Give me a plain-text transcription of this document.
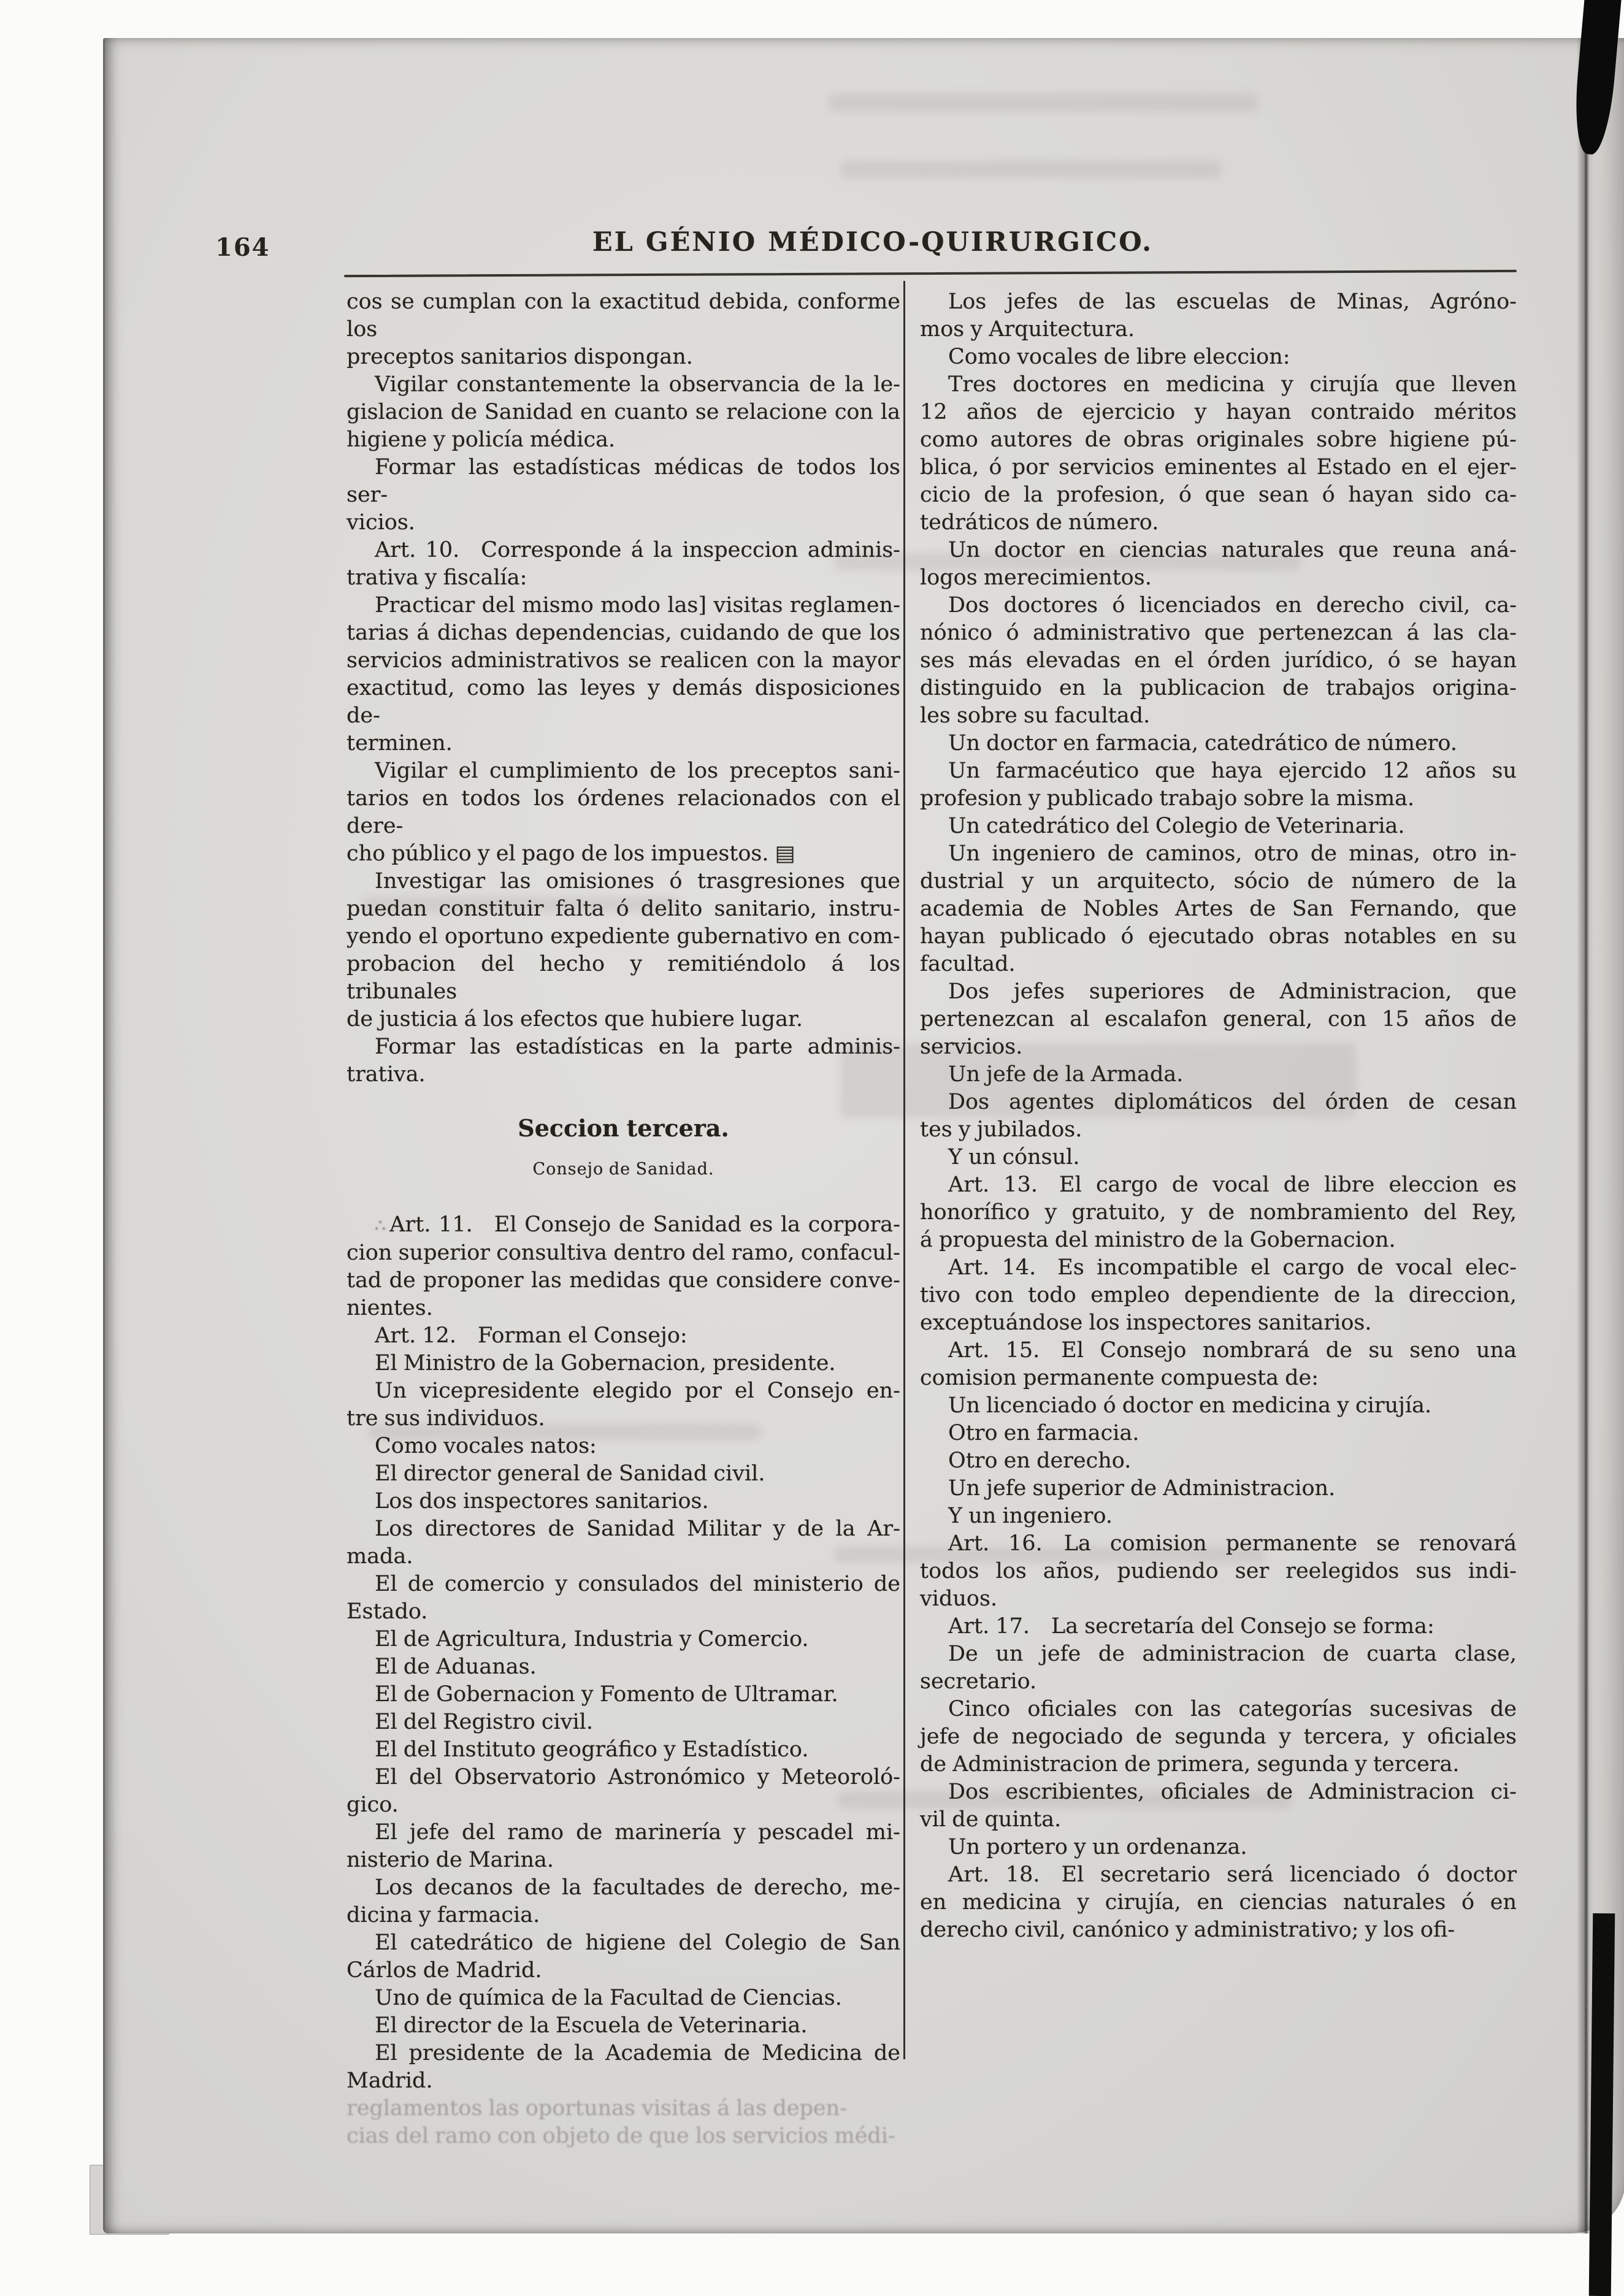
164	EL GÉNIO MÉDICO-QUIRURGICO.
cos se cumplan con la exactitud debida, conforme los
preceptos sanitarios dispongan.
Vigilar constantemente la observancia de la le-
gislacion de Sanidad en cuanto se relacione con la
higiene y policía médica.
Formar las estadísticas médicas de todos los ser-
vicios.
Art. 10. Corresponde á la inspeccion adminis-
trativa y fiscalía:
Practicar del mismo modo las] visitas reglamen-
tarias á dichas dependencias, cuidando de que los
servicios administrativos se realicen con la mayor
exactitud, como las leyes y demás disposiciones de-
terminen.
Vigilar el cumplimiento de los preceptos sani-
tarios en todos los órdenes relacionados con el dere-
cho público y el pago de los impuestos. ▤
Investigar las omisiones ó trasgresiones que
puedan constituir falta ó delito sanitario, instru-
yendo el oportuno expediente gubernativo en com-
probacion del hecho y remitiéndolo á los tribunales
de justicia á los efectos que hubiere lugar.
Formar las estadísticas en la parte adminis-
trativa.
Seccion tercera.
Consejo de Sanidad.
∴ Art. 11. El Consejo de Sanidad es la corpora-
cion superior consultiva dentro del ramo, confacul-
tad de proponer las medidas que considere conve-
nientes.
Art. 12. Forman el Consejo:
El Ministro de la Gobernacion, presidente.
Un vicepresidente elegido por el Consejo en-
tre sus individuos.
Como vocales natos:
El director general de Sanidad civil.
Los dos inspectores sanitarios.
Los directores de Sanidad Militar y de la Ar-
mada.
El de comercio y consulados del ministerio de
Estado.
El de Agricultura, Industria y Comercio.
El de Aduanas.
El de Gobernacion y Fomento de Ultramar.
El del Registro civil.
El del Instituto geográfico y Estadístico.
El del Observatorio Astronómico y Meteoroló-
gico.
El jefe del ramo de marinería y pescadel mi-
nisterio de Marina.
Los decanos de la facultades de derecho, me-
dicina y farmacia.
El catedrático de higiene del Colegio de San
Cárlos de Madrid.
Uno de química de la Facultad de Ciencias.
El director de la Escuela de Veterinaria.
El presidente de la Academia de Medicina de
Madrid.
reglamentos las oportunas visitas á las depen-
cias del ramo con objeto de que los servicios médi-
Los jefes de las escuelas de Minas, Agróno-
mos y Arquitectura.
Como vocales de libre eleccion:
Tres doctores en medicina y cirujía que lleven
12 años de ejercicio y hayan contraido méritos
como autores de obras originales sobre higiene pú-
blica, ó por servicios eminentes al Estado en el ejer-
cicio de la profesion, ó que sean ó hayan sido ca-
tedráticos de número.
Un doctor en ciencias naturales que reuna aná-
logos merecimientos.
Dos doctores ó licenciados en derecho civil, ca-
nónico ó administrativo que pertenezcan á las cla-
ses más elevadas en el órden jurídico, ó se hayan
distinguido en la publicacion de trabajos origina-
les sobre su facultad.
Un doctor en farmacia, catedrático de número.
Un farmacéutico que haya ejercido 12 años su
profesion y publicado trabajo sobre la misma.
Un catedrático del Colegio de Veterinaria.
Un ingeniero de caminos, otro de minas, otro in-
dustrial y un arquitecto, sócio de número de la
academia de Nobles Artes de San Fernando, que
hayan publicado ó ejecutado obras notables en su
facultad.
Dos jefes superiores de Administracion, que
pertenezcan al escalafon general, con 15 años de
servicios.
Un jefe de la Armada.
Dos agentes diplomáticos del órden de cesan
tes y jubilados.
Y un cónsul.
Art. 13. El cargo de vocal de libre eleccion es
honorífico y gratuito, y de nombramiento del Rey,
á propuesta del ministro de la Gobernacion.
Art. 14. Es incompatible el cargo de vocal elec-
tivo con todo empleo dependiente de la direccion,
exceptuándose los inspectores sanitarios.
Art. 15. El Consejo nombrará de su seno una
comision permanente compuesta de:
Un licenciado ó doctor en medicina y cirujía.
Otro en farmacia.
Otro en derecho.
Un jefe superior de Administracion.
Y un ingeniero.
Art. 16. La comision permanente se renovará
todos los años, pudiendo ser reelegidos sus indi-
viduos.
Art. 17. La secretaría del Consejo se forma:
De un jefe de administracion de cuarta clase,
secretario.
Cinco oficiales con las categorías sucesivas de
jefe de negociado de segunda y tercera, y oficiales
de Administracion de primera, segunda y tercera.
Dos escribientes, oficiales de Administracion ci-
vil de quinta.
Un portero y un ordenanza.
Art. 18. El secretario será licenciado ó doctor
en medicina y cirujía, en ciencias naturales ó en
derecho civil, canónico y administrativo; y los ofi-
